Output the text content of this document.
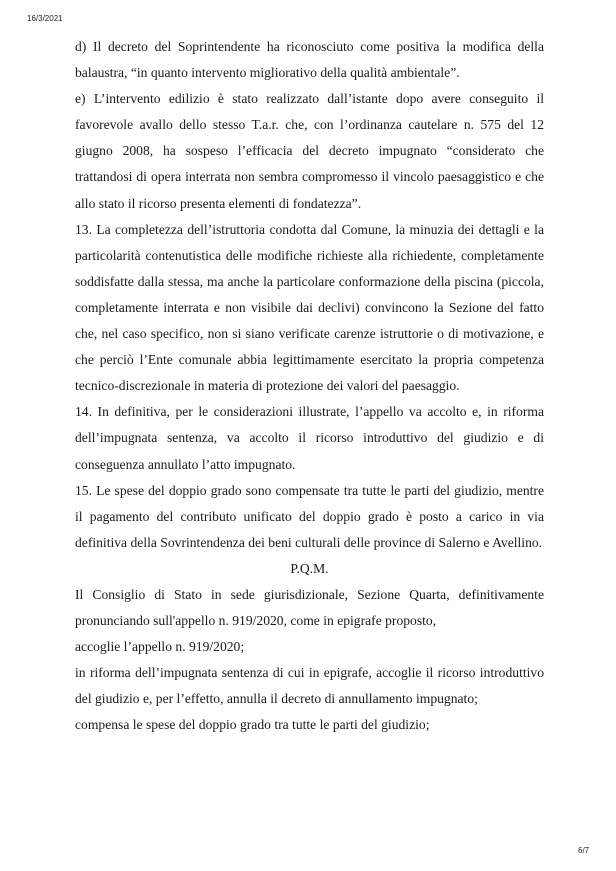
16/3/2021

d) Il decreto del Soprintendente ha riconosciuto come positiva la modifica della balaustra, “in quanto intervento migliorativo della qualità ambientale”.

e) L’intervento edilizio è stato realizzato dall’istante dopo avere conseguito il favorevole avallo dello stesso T.a.r. che, con l’ordinanza cautelare n. 575 del 12 giugno 2008, ha sospeso l’efficacia del decreto impugnato “considerato che trattandosi di opera interrata non sembra compromesso il vincolo paesaggistico e che allo stato il ricorso presenta elementi di fondatezza”.

13. La completezza dell’istruttoria condotta dal Comune, la minuzia dei dettagli e la particolarità contenutistica delle modifiche richieste alla richiedente, completamente soddisfatte dalla stessa, ma anche la particolare conformazione della piscina (piccola, completamente interrata e non visibile dai declivi) convincono la Sezione del fatto che, nel caso specifico, non si siano verificate carenze istruttorie o di motivazione, e che perciò l’Ente comunale abbia legittimamente esercitato la propria competenza tecnico-discrezionale in materia di protezione dei valori del paesaggio.

14. In definitiva, per le considerazioni illustrate, l’appello va accolto e, in riforma dell’impugnata sentenza, va accolto il ricorso introduttivo del giudizio e di conseguenza annullato l’atto impugnato.

15. Le spese del doppio grado sono compensate tra tutte le parti del giudizio, mentre il pagamento del contributo unificato del doppio grado è posto a carico in via definitiva della Sovrintendenza dei beni culturali delle province di Salerno e Avellino.

P.Q.M.

Il Consiglio di Stato in sede giurisdizionale, Sezione Quarta, definitivamente pronunciando sull'appello n. 919/2020, come in epigrafe proposto,

accoglie l’appello n. 919/2020;

in riforma dell’impugnata sentenza di cui in epigrafe, accoglie il ricorso introduttivo del giudizio e, per l’effetto, annulla il decreto di annullamento impugnato;

compensa le spese del doppio grado tra tutte le parti del giudizio;

6/7
